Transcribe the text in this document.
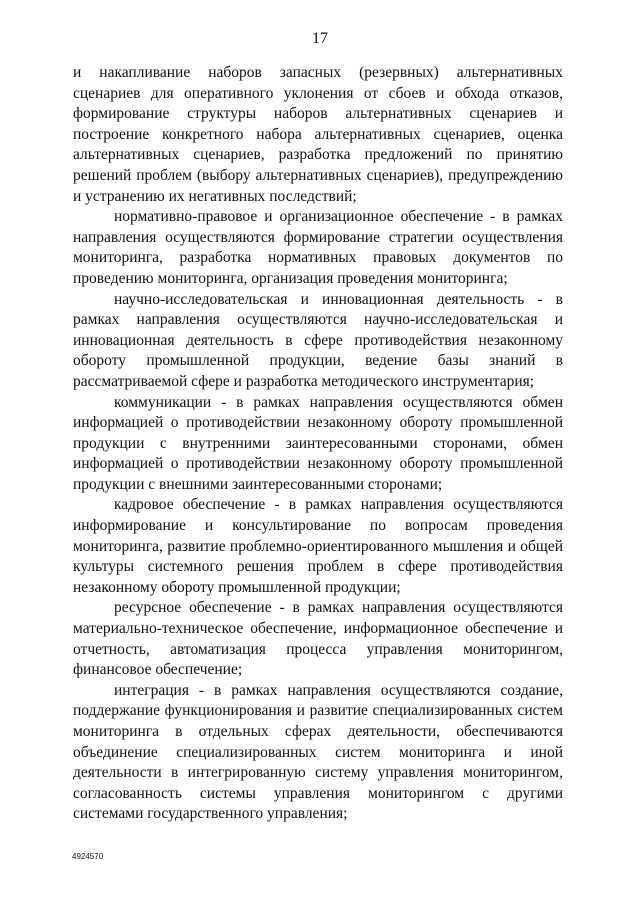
17

и накапливание наборов запасных (резервных) альтернативных сценариев для оперативного уклонения от сбоев и обхода отказов, формирование структуры наборов альтернативных сценариев и построение конкретного набора альтернативных сценариев, оценка альтернативных сценариев, разработка предложений по принятию решений проблем (выбору альтернативных сценариев), предупреждению и устранению их негативных последствий;

нормативно-правовое и организационное обеспечение - в рамках направления осуществляются формирование стратегии осуществления мониторинга, разработка нормативных правовых документов по проведению мониторинга, организация проведения мониторинга;

научно-исследовательская и инновационная деятельность - в рамках направления осуществляются научно-исследовательская и инновационная деятельность в сфере противодействия незаконному обороту промышленной продукции, ведение базы знаний в рассматриваемой сфере и разработка методического инструментария;

коммуникации - в рамках направления осуществляются обмен информацией о противодействии незаконному обороту промышленной продукции с внутренними заинтересованными сторонами, обмен информацией о противодействии незаконному обороту промышленной продукции с внешними заинтересованными сторонами;

кадровое обеспечение - в рамках направления осуществляются информирование и консультирование по вопросам проведения мониторинга, развитие проблемно-ориентированного мышления и общей культуры системного решения проблем в сфере противодействия незаконному обороту промышленной продукции;

ресурсное обеспечение - в рамках направления осуществляются материально-техническое обеспечение, информационное обеспечение и отчетность, автоматизация процесса управления мониторингом, финансовое обеспечение;

интеграция - в рамках направления осуществляются создание, поддержание функционирования и развитие специализированных систем мониторинга в отдельных сферах деятельности, обеспечиваются объединение специализированных систем мониторинга и иной деятельности в интегрированную систему управления мониторингом, согласованность системы управления мониторингом с другими системами государственного управления;

4924570
